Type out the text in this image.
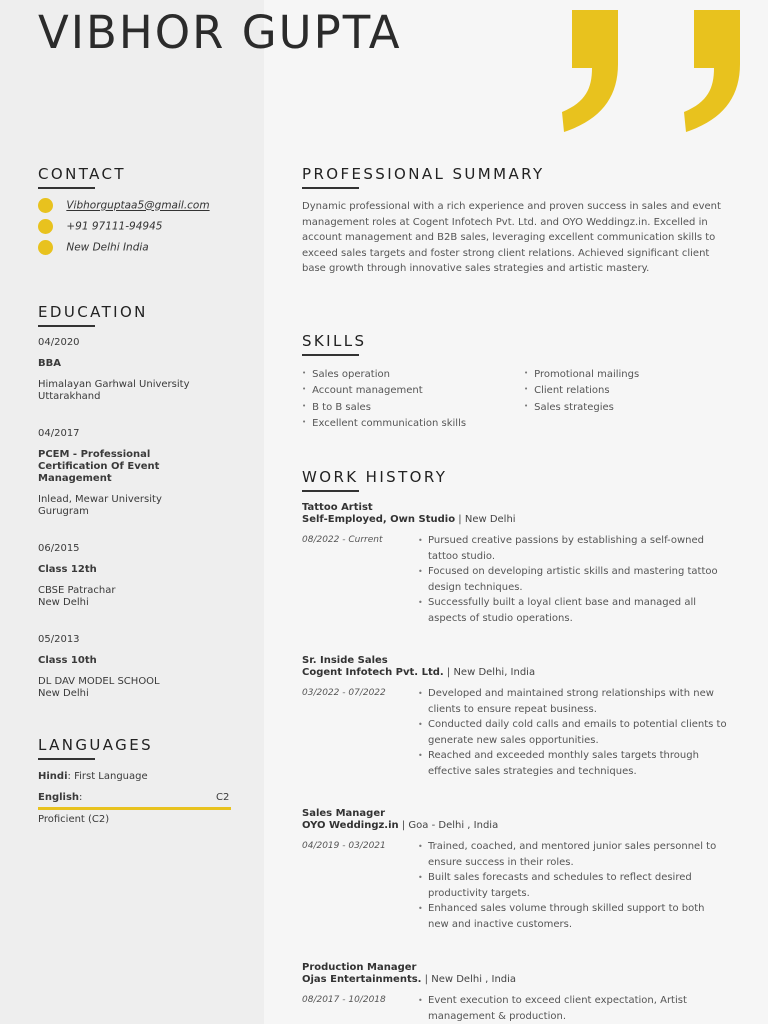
VIBHOR GUPTA
CONTACT
Vibhorguptaa5@gmail.com
+91 97111-94945
New Delhi India
EDUCATION
04/2020
BBA
Himalayan Garhwal University
Uttarakhand
04/2017
PCEM - Professional Certification Of Event Management
Inlead, Mewar University
Gurugram
06/2015
Class 12th
CBSE Patrachar
New Delhi
05/2013
Class 10th
DL DAV MODEL SCHOOL
New Delhi
LANGUAGES
Hindi: First Language
English:	C2
Proficient (C2)
PROFESSIONAL SUMMARY

Dynamic professional with a rich experience and proven success in sales and event management roles at Cogent Infotech Pvt. Ltd. and OYO Weddingz.in. Excelled in account management and B2B sales, leveraging excellent communication skills to exceed sales targets and foster strong client relations. Achieved significant client base growth through innovative sales strategies and artistic mastery.

SKILLS
• Sales operation
• Account management
• B to B sales
• Excellent communication skills
• Promotional mailings
• Client relations
• Sales strategies
WORK HISTORY
Tattoo Artist
Self-Employed, Own Studio | New Delhi
08/2022 - Current	• Pursued creative passions by establishing a self-owned tattoo studio.
• Focused on developing artistic skills and mastering tattoo design techniques.
• Successfully built a loyal client base and managed all aspects of studio operations.
Sr. Inside Sales
Cogent Infotech Pvt. Ltd. | New Delhi, India
03/2022 - 07/2022	• Developed and maintained strong relationships with new clients to ensure repeat business.
• Conducted daily cold calls and emails to potential clients to generate new sales opportunities.
• Reached and exceeded monthly sales targets through effective sales strategies and techniques.
Sales Manager
OYO Weddingz.in | Goa - Delhi , India
04/2019 - 03/2021	• Trained, coached, and mentored junior sales personnel to ensure success in their roles.
• Built sales forecasts and schedules to reflect desired productivity targets.
• Enhanced sales volume through skilled support to both new and inactive customers.
Production Manager
Ojas Entertainments. | New Delhi , India
08/2017 - 10/2018	• Event execution to exceed client expectation, Artist management & production.
